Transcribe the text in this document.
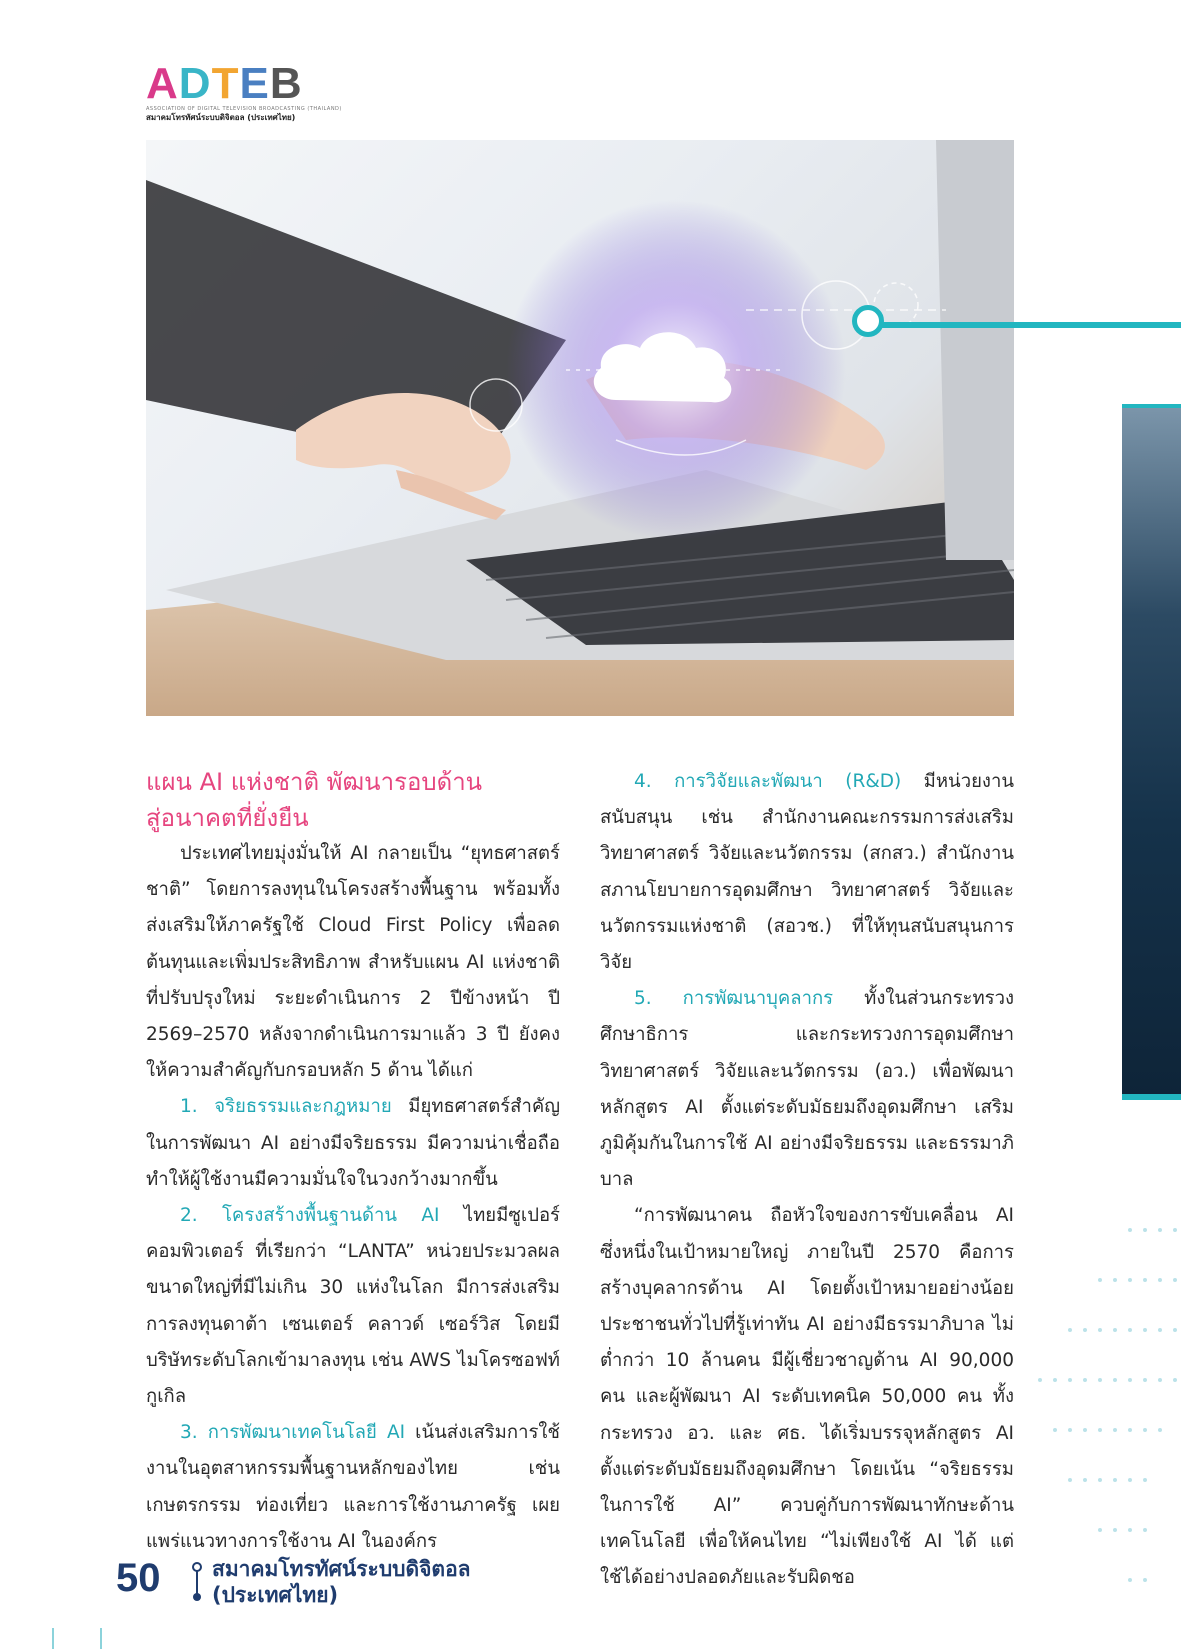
ADTEB
ASSOCIATION OF DIGITAL TELEVISION BROADCASTING (THAILAND)
สมาคมโทรทัศน์ระบบดิจิตอล (ประเทศไทย)
แผน AI แห่งชาติ พัฒนารอบด้าน
สู่อนาคตที่ยั่งยืน

ประเทศไทยมุ่งมั่นให้ AI กลายเป็น “ยุทธศาสตร์ชาติ” โดยการลงทุนในโครงสร้างพื้นฐาน พร้อมทั้งส่งเสริมให้ภาครัฐใช้ Cloud First Policy เพื่อลดต้นทุนและเพิ่มประสิทธิภาพ สำหรับแผน AI แห่งชาติที่ปรับปรุงใหม่ ระยะดำเนินการ 2 ปีข้างหน้า ปี 2569–2570 หลังจากดำเนินการมาแล้ว 3 ปี ยังคงให้ความสำคัญกับกรอบหลัก 5 ด้าน ได้แก่

1. จริยธรรมและกฎหมาย มียุทธศาสตร์สำคัญในการพัฒนา AI อย่างมีจริยธรรม มีความน่าเชื่อถือทำให้ผู้ใช้งานมีความมั่นใจในวงกว้างมากขึ้น

2. โครงสร้างพื้นฐานด้าน AI ไทยมีซูเปอร์คอมพิวเตอร์ ที่เรียกว่า “LANTA” หน่วยประมวลผลขนาดใหญ่ที่มีไม่เกิน 30 แห่งในโลก มีการส่งเสริมการลงทุนดาต้า เซนเตอร์ คลาวด์ เซอร์วิส โดยมีบริษัทระดับโลกเข้ามาลงทุน เช่น AWS ไมโครซอฟท์ กูเกิล

3. การพัฒนาเทคโนโลยี AI เน้นส่งเสริมการใช้งานในอุตสาหกรรมพื้นฐานหลักของไทย เช่น เกษตรกรรม ท่องเที่ยว และการใช้งานภาครัฐ เผยแพร่แนวทางการใช้งาน AI ในองค์กร

4. การวิจัยและพัฒนา (R&D) มีหน่วยงานสนับสนุน เช่น สำนักงานคณะกรรมการส่งเสริมวิทยาศาสตร์ วิจัยและนวัตกรรม (สกสว.) สำนักงานสภานโยบายการอุดมศึกษา วิทยาศาสตร์ วิจัยและนวัตกรรมแห่งชาติ (สอวช.) ที่ให้ทุนสนับสนุนการวิจัย

5. การพัฒนาบุคลากร ทั้งในส่วนกระทรวงศึกษาธิการ และกระทรวงการอุดมศึกษา วิทยาศาสตร์ วิจัยและนวัตกรรม (อว.) เพื่อพัฒนาหลักสูตร AI ตั้งแต่ระดับมัธยมถึงอุดมศึกษา เสริมภูมิคุ้มกันในการใช้ AI อย่างมีจริยธรรม และธรรมาภิบาล

“การพัฒนาคน ถือหัวใจของการขับเคลื่อน AI ซึ่งหนึ่งในเป้าหมายใหญ่ ภายในปี 2570 คือการสร้างบุคลากรด้าน AI โดยตั้งเป้าหมายอย่างน้อย ประชาชนทั่วไปที่รู้เท่าทัน AI อย่างมีธรรมาภิบาล ไม่ต่ำกว่า 10 ล้านคน มีผู้เชี่ยวชาญด้าน AI 90,000 คน และผู้พัฒนา AI ระดับเทคนิค 50,000 คน ทั้งกระทรวง อว. และ ศธ. ได้เริ่มบรรจุหลักสูตร AI ตั้งแต่ระดับมัธยมถึงอุดมศึกษา โดยเน้น “จริยธรรมในการใช้ AI” ควบคู่กับการพัฒนาทักษะด้านเทคโนโลยี เพื่อให้คนไทย “ไม่เพียงใช้ AI ได้ แต่ใช้ได้อย่างปลอดภัยและรับผิดชอ

50 สมาคมโทรทัศน์ระบบดิจิตอล
(ประเทศไทย)
